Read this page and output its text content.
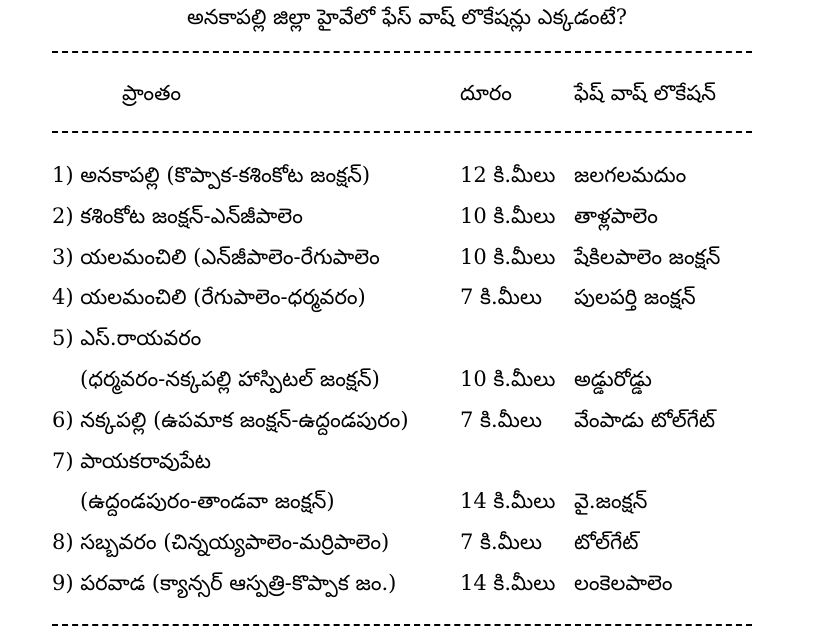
అనకాపల్లి జిల్లా హైవేలో ఫేస్ వాష్ లొకేషన్లు ఎక్కడంటే?
ప్రాంతం	దూరం	ఫేష్ వాష్ లొకేషన్
1) అనకాపల్లి (కొప్పాక-కశింకోట జంక్షన్)	12 కి.మీలు జలగలమదుం
2) కశింకోట జంక్షన్-ఎన్‌జీపాలెం	10 కి.మీలు తాళ్లపాలెం
3) యలమంచిలి (ఎన్‌జీపాలెం-రేగుపాలెం	10 కి.మీలు షేకిలపాలెం జంక్షన్
4) యలమంచిలి (రేగుపాలెం-ధర్మవరం)	7 కి.మీలు పులపర్తి జంక్షన్
5) ఎస్.రాయవరం
(ధర్మవరం-నక్కపల్లి హాస్పిటల్ జంక్షన్)	10 కి.మీలు అడ్డురోడ్డు
6) నక్కపల్లి (ఉపమాక జంక్షన్-ఉద్దండపురం) 7 కి.మీలు వేంపాడు టోల్‌గేట్
7) పాయకరావుపేట
(ఉద్దండపురం-తాండవా జంక్షన్)	14 కి.మీలు వై.జంక్షన్
8) సబ్బవరం (చిన్నయ్యపాలెం-మర్రిపాలెం)	7 కి.మీలు టోల్‌గేట్
9) పరవాడ (క్యాన్సర్ ఆస్పత్రి-కొప్పాక జం.)	14 కి.మీలు లంకెలపాలెం
